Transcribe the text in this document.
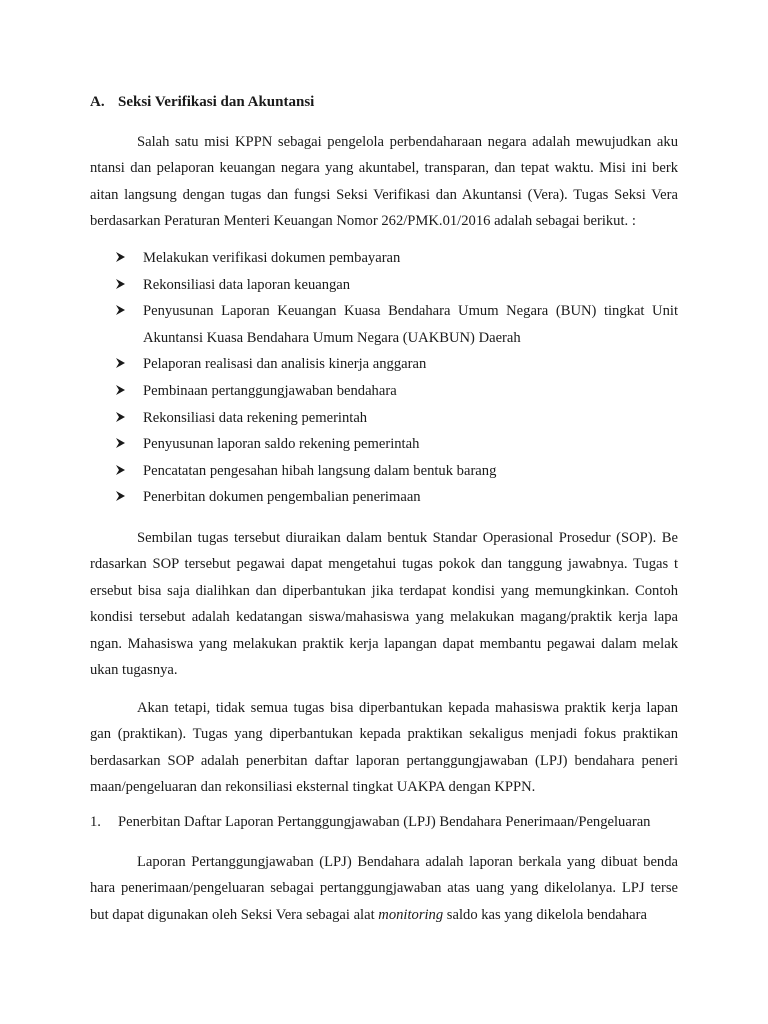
A. Seksi Verifikasi dan Akuntansi
Salah satu misi KPPN sebagai pengelola perbendaharaan negara adalah mewujudkan aku
ntansi dan pelaporan keuangan negara yang akuntabel, transparan, dan tepat waktu. Misi ini berk
aitan langsung dengan tugas dan fungsi Seksi Verifikasi dan Akuntansi (Vera). Tugas Seksi Vera
berdasarkan Peraturan Menteri Keuangan Nomor 262/PMK.01/2016 adalah sebagai berikut. :
Melakukan verifikasi dokumen pembayaran
Rekonsiliasi data laporan keuangan
Penyusunan Laporan Keuangan Kuasa Bendahara Umum Negara (BUN) tingkat Unit
Akuntansi Kuasa Bendahara Umum Negara (UAKBUN) Daerah
Pelaporan realisasi dan analisis kinerja anggaran
Pembinaan pertanggungjawaban bendahara
Rekonsiliasi data rekening pemerintah
Penyusunan laporan saldo rekening pemerintah
Pencatatan pengesahan hibah langsung dalam bentuk barang
Penerbitan dokumen pengembalian penerimaan
Sembilan tugas tersebut diuraikan dalam bentuk Standar Operasional Prosedur (SOP). Be
rdasarkan SOP tersebut pegawai dapat mengetahui tugas pokok dan tanggung jawabnya. Tugas t
ersebut bisa saja dialihkan dan diperbantukan jika terdapat kondisi yang memungkinkan. Contoh
kondisi tersebut adalah kedatangan siswa/mahasiswa yang melakukan magang/praktik kerja lapa
ngan. Mahasiswa yang melakukan praktik kerja lapangan dapat membantu pegawai dalam melak
ukan tugasnya.
Akan tetapi, tidak semua tugas bisa diperbantukan kepada mahasiswa praktik kerja lapan
gan (praktikan). Tugas yang diperbantukan kepada praktikan sekaligus menjadi fokus praktikan
berdasarkan SOP adalah penerbitan daftar laporan pertanggungjawaban (LPJ) bendahara peneri
maan/pengeluaran dan rekonsiliasi eksternal tingkat UAKPA dengan KPPN.
1. Penerbitan Daftar Laporan Pertanggungjawaban (LPJ) Bendahara Penerimaan/Pengeluaran
Laporan Pertanggungjawaban (LPJ) Bendahara adalah laporan berkala yang dibuat benda
hara penerimaan/pengeluaran sebagai pertanggungjawaban atas uang yang dikelolanya. LPJ terse
but dapat digunakan oleh Seksi Vera sebagai alat monitoring saldo kas yang dikelola bendahara
